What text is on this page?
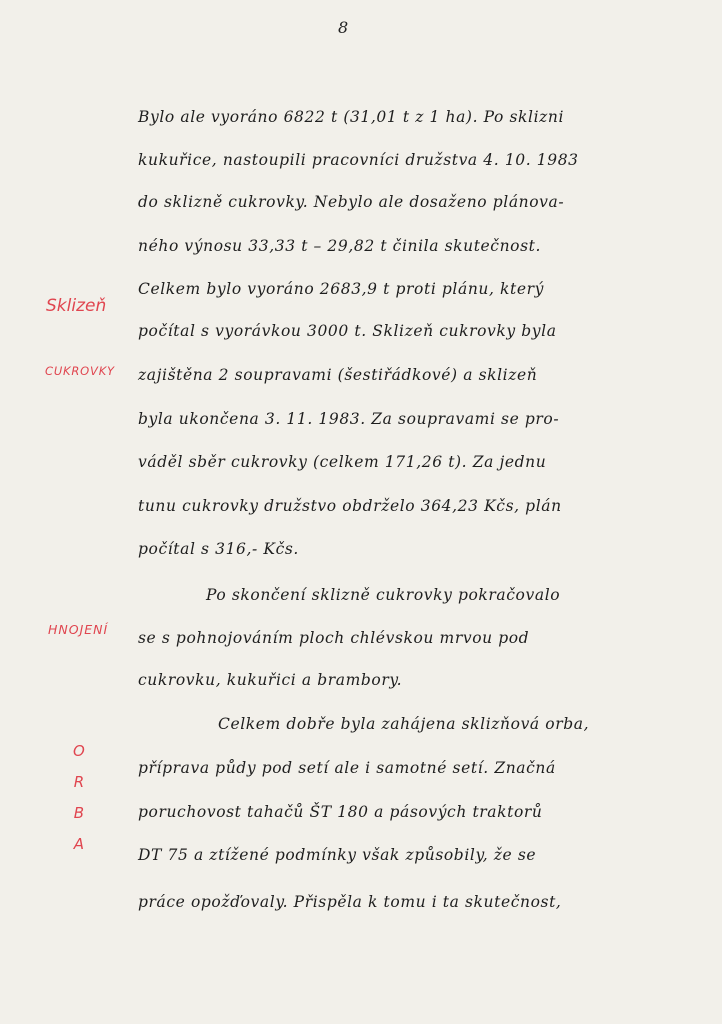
8
Sklizeň
CUKROVKY
HNOJENÍ
O
R
B
A
Bylo ale vyoráno 6822 t (31,01 t z 1 ha). Po sklizni
kukuřice, nastoupili pracovníci družstva 4. 10. 1983
do sklizně cukrovky. Nebylo ale dosaženo plánova-
ného výnosu 33,33 t – 29,82 t činila skutečnost.
Celkem bylo vyoráno 2683,9 t proti plánu, který
počítal s vyorávkou 3000 t. Sklizeň cukrovky byla
zajištěna 2 soupravami (šestiřádkové) a sklizeň
byla ukončena 3. 11. 1983. Za soupravami se pro-
váděl sběr cukrovky (celkem 171,26 t). Za jednu
tunu cukrovky družstvo obdrželo 364,23 Kčs, plán
počítal s 316,- Kčs.
Po skončení sklizně cukrovky pokračovalo
se s pohnojováním ploch chlévskou mrvou pod
cukrovku, kukuřici a brambory.
Celkem dobře byla zahájena sklizňová orba,
příprava půdy pod setí ale i samotné setí. Značná
poruchovost tahačů ŠT 180 a pásových traktorů
DT 75 a ztížené podmínky však způsobily, že se
práce opožďovaly. Přispěla k tomu i ta skutečnost,
